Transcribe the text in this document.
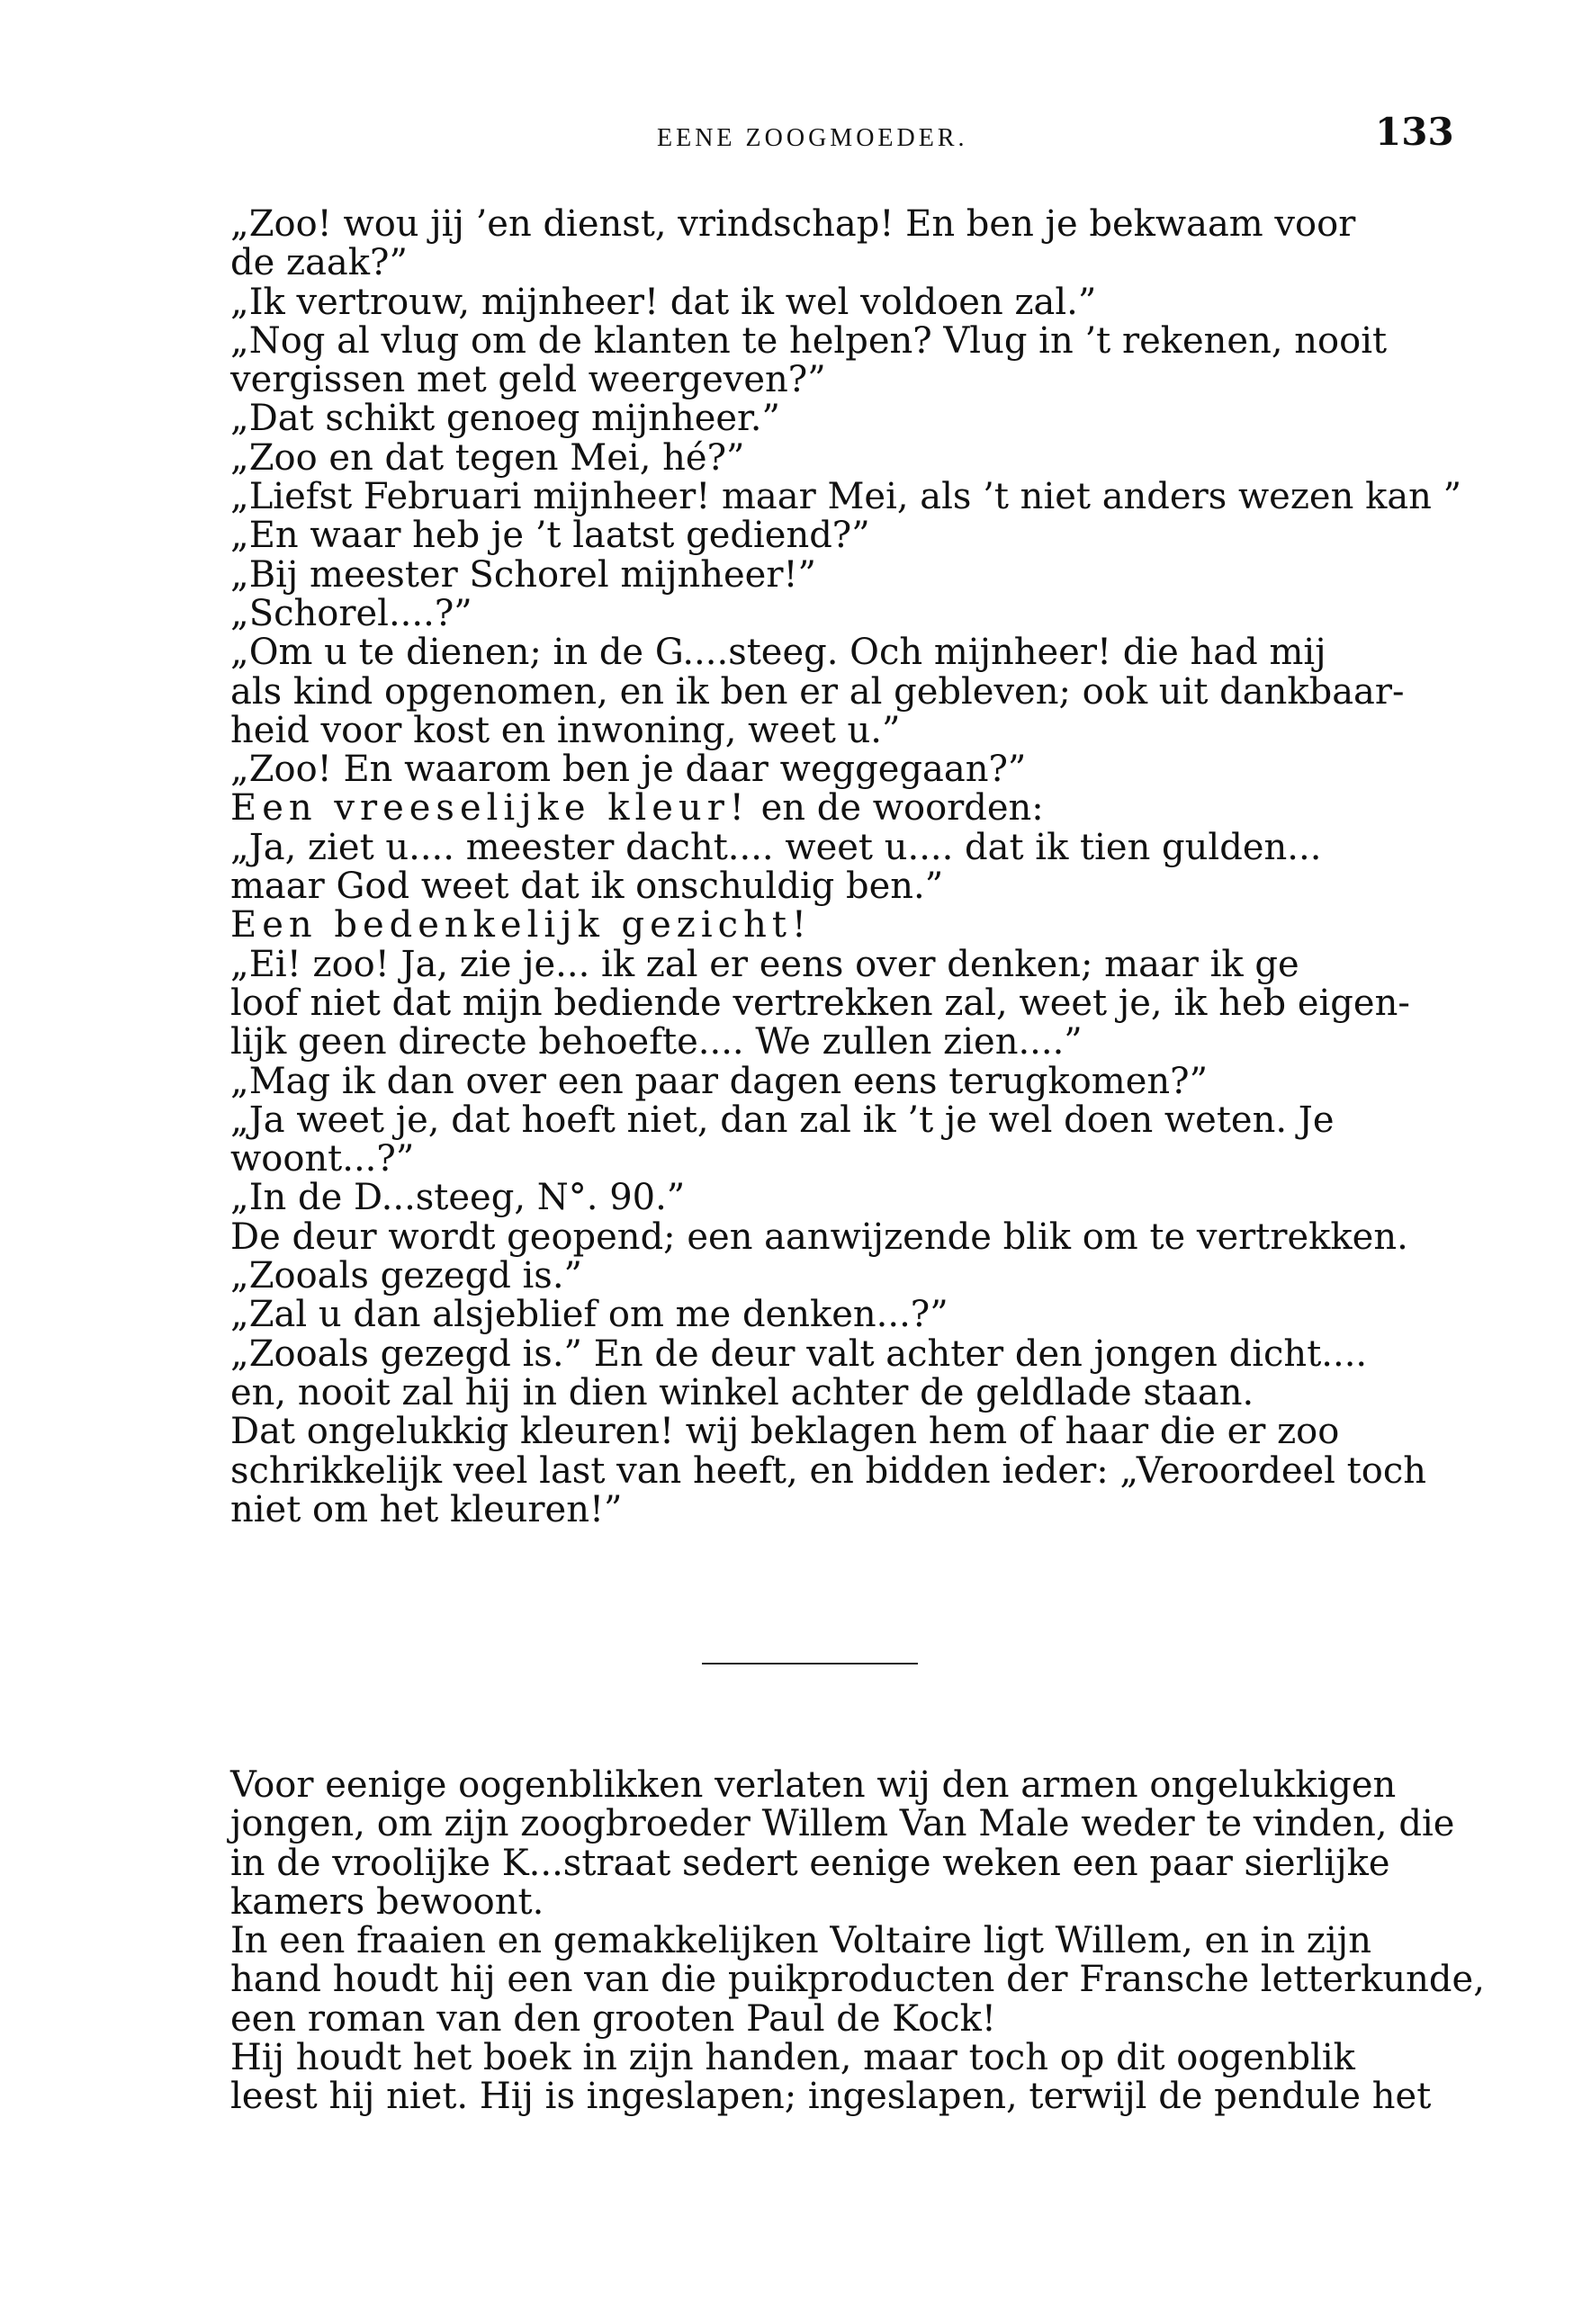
EENE ZOOGMOEDER.	133

„Zoo! wou jij ’en dienst, vrindschap! En ben je bekwaam voor
de zaak?”

„Ik vertrouw, mijnheer! dat ik wel voldoen zal.”

„Nog al vlug om de klanten te helpen? Vlug in ’t rekenen, nooit
vergissen met geld weergeven?”

„Dat schikt genoeg mijnheer.”

„Zoo en dat tegen Mei, hé?”

„Liefst Februari mijnheer! maar Mei, als ’t niet anders wezen kan ”

„En waar heb je ’t laatst gediend?”

„Bij meester Schorel mijnheer!”

„Schorel....?”

„Om u te dienen; in de G....steeg. Och mijnheer! die had mij
als kind opgenomen, en ik ben er al gebleven; ook uit dankbaar-
heid voor kost en inwoning, weet u.”

„Zoo! En waarom ben je daar weggegaan?”

Een vreeselijke kleur! en de woorden:

„Ja, ziet u.... meester dacht.... weet u.... dat ik tien gulden...
maar God weet dat ik onschuldig ben.”

Een bedenkelijk gezicht!

„Ei! zoo! Ja, zie je... ik zal er eens over denken; maar ik ge
loof niet dat mijn bediende vertrekken zal, weet je, ik heb eigen-
lijk geen directe behoefte.... We zullen zien....”

„Mag ik dan over een paar dagen eens terugkomen?”

„Ja weet je, dat hoeft niet, dan zal ik ’t je wel doen weten. Je
woont...?”

„In de D...steeg, N°. 90.”

De deur wordt geopend; een aanwijzende blik om te vertrekken.

„Zooals gezegd is.”

„Zal u dan alsjeblief om me denken...?”

„Zooals gezegd is.” En de deur valt achter den jongen dicht....
en, nooit zal hij in dien winkel achter de geldlade staan.

Dat ongelukkig kleuren! wij beklagen hem of haar die er zoo
schrikkelijk veel last van heeft, en bidden ieder: „Veroordeel toch
niet om het kleuren!”

Voor eenige oogenblikken verlaten wij den armen ongelukkigen
jongen, om zijn zoogbroeder Willem Van Male weder te vinden, die
in de vroolijke K...straat sedert eenige weken een paar sierlijke
kamers bewoont.

In een fraaien en gemakkelijken Voltaire ligt Willem, en in zijn
hand houdt hij een van die puikproducten der Fransche letterkunde,
een roman van den grooten Paul de Kock!

Hij houdt het boek in zijn handen, maar toch op dit oogenblik
leest hij niet. Hij is ingeslapen; ingeslapen, terwijl de pendule het
